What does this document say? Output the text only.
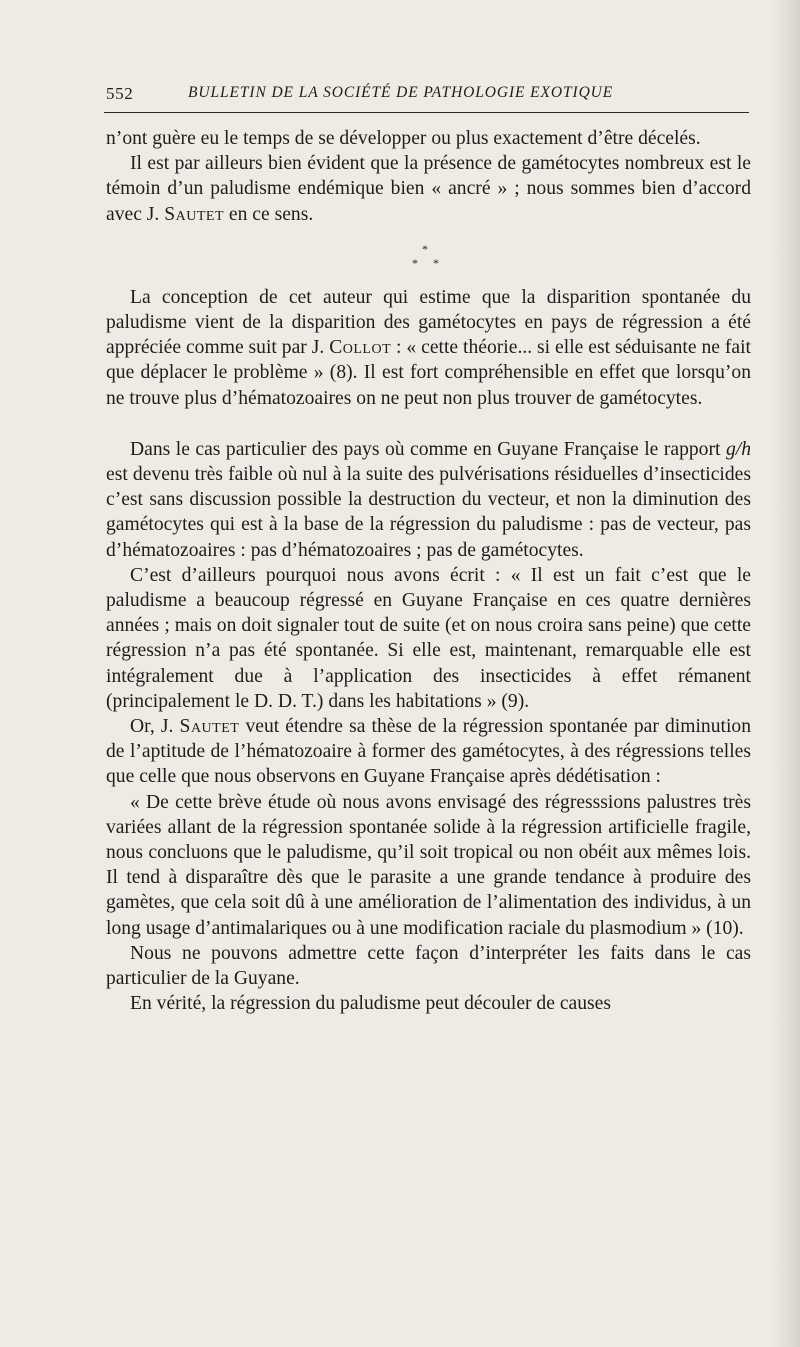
552	BULLETIN DE LA SOCIÉTÉ DE PATHOLOGIE EXOTIQUE

n’ont guère eu le temps de se développer ou plus exactement d’être décelés.

Il est par ailleurs bien évident que la présence de gamétocytes nombreux est le témoin d’un paludisme endémique bien « ancré » ; nous sommes bien d’accord avec J. Sautet en ce sens.

*
* *

La conception de cet auteur qui estime que la disparition spontanée du paludisme vient de la disparition des gamétocytes en pays de régression a été appréciée comme suit par J. Collot : « cette théorie... si elle est séduisante ne fait que déplacer le problème » (8). Il est fort compréhensible en effet que lorsqu’on ne trouve plus d’hématozoaires on ne peut non plus trouver de gamétocytes.

Dans le cas particulier des pays où comme en Guyane Française le rapport g/h est devenu très faible où nul à la suite des pulvérisations résiduelles d’insecticides c’est sans discussion possible la destruction du vecteur, et non la diminution des gamétocytes qui est à la base de la régression du paludisme : pas de vecteur, pas d’hématozoaires : pas d’hématozoaires ; pas de gamétocytes.

C’est d’ailleurs pourquoi nous avons écrit : « Il est un fait c’est que le paludisme a beaucoup régressé en Guyane Française en ces quatre dernières années ; mais on doit signaler tout de suite (et on nous croira sans peine) que cette régression n’a pas été spontanée. Si elle est, maintenant, remarquable elle est intégralement due à l’application des insecticides à effet rémanent (principalement le D. D. T.) dans les habitations » (9).

Or, J. Sautet veut étendre sa thèse de la régression spontanée par diminution de l’aptitude de l’hématozoaire à former des gamétocytes, à des régressions telles que celle que nous observons en Guyane Française après dédétisation :

« De cette brève étude où nous avons envisagé des régresssions palustres très variées allant de la régression spontanée solide à la régression artificielle fragile, nous concluons que le paludisme, qu’il soit tropical ou non obéit aux mêmes lois. Il tend à disparaître dès que le parasite a une grande tendance à produire des gamètes, que cela soit dû à une amélioration de l’alimentation des individus, à un long usage d’antimalariques ou à une modification raciale du plasmodium » (10).

Nous ne pouvons admettre cette façon d’interpréter les faits dans le cas particulier de la Guyane.

En vérité, la régression du paludisme peut découler de causes
